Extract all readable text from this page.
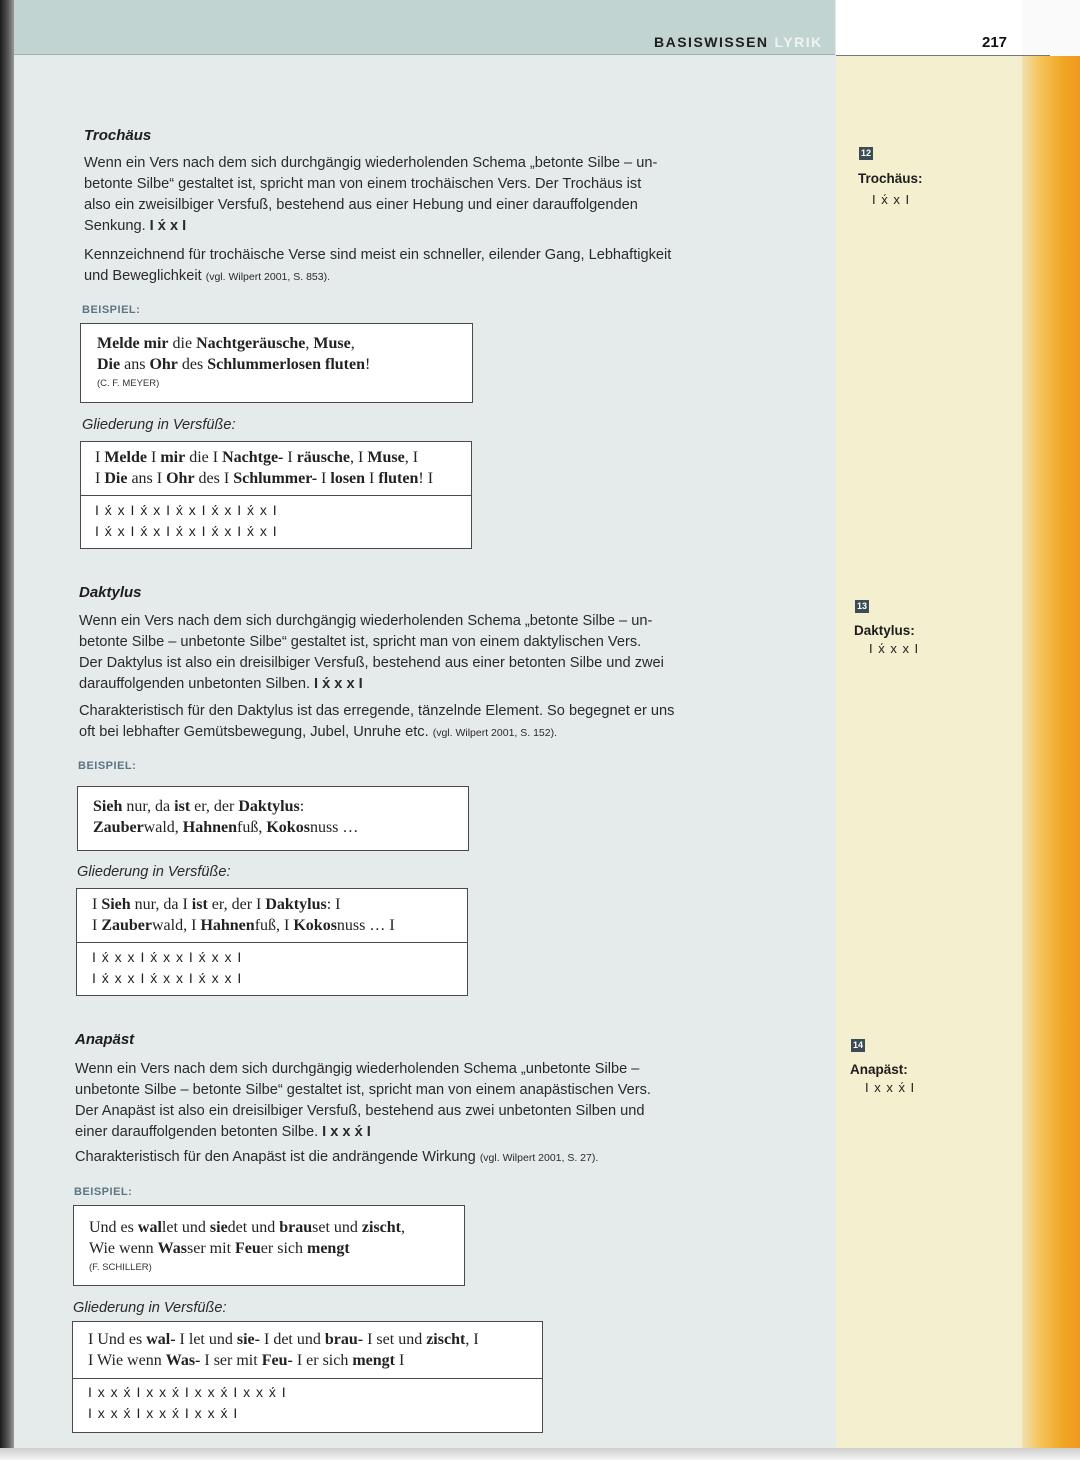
BASISWISSEN LYRIK	217
Trochäus
Wenn ein Vers nach dem sich durchgängig wiederholenden Schema „betonte Silbe – un-
betonte Silbe“ gestaltet ist, spricht man von einem trochäischen Vers. Der Trochäus ist
also ein zweisilbiger Versfuß, bestehend aus einer Hebung und einer darauffolgenden
Senkung. I x́ x I
Kennzeichnend für trochäische Verse sind meist ein schneller, eilender Gang, Lebhaftigkeit
und Beweglichkeit (vgl. Wilpert 2001, S. 853).
BEISPIEL:
Melde mir die Nachtgeräusche, Muse,
Die ans Ohr des Schlummerlosen fluten!
(C. F. MEYER)
Gliederung in Versfüße:
I Melde I mir die I Nachtge- I räusche, I Muse, I
I Die ans I Ohr des I Schlummer- I losen I fluten! I
I x́ x I x́ x I x́ x I x́ x I x́ x I
I x́ x I x́ x I x́ x I x́ x I x́ x I
12
Trochäus:
I x́ x I
Daktylus
Wenn ein Vers nach dem sich durchgängig wiederholenden Schema „betonte Silbe – un-
betonte Silbe – unbetonte Silbe“ gestaltet ist, spricht man von einem daktylischen Vers.
Der Daktylus ist also ein dreisilbiger Versfuß, bestehend aus einer betonten Silbe und zwei
darauffolgenden unbetonten Silben. I x́ x x I
Charakteristisch für den Daktylus ist das erregende, tänzelnde Element. So begegnet er uns
oft bei lebhafter Gemütsbewegung, Jubel, Unruhe etc. (vgl. Wilpert 2001, S. 152).
BEISPIEL:
Sieh nur, da ist er, der Daktylus:
Zauberwald, Hahnenfuß, Kokosnuss …
Gliederung in Versfüße:
I Sieh nur, da I ist er, der I Daktylus: I
I Zauberwald, I Hahnenfuß, I Kokosnuss … I
I x́ x x I x́ x x I x́ x x I
I x́ x x I x́ x x I x́ x x I
13
Daktylus:
I x́ x x I
Anapäst
Wenn ein Vers nach dem sich durchgängig wiederholenden Schema „unbetonte Silbe –
unbetonte Silbe – betonte Silbe“ gestaltet ist, spricht man von einem anapästischen Vers.
Der Anapäst ist also ein dreisilbiger Versfuß, bestehend aus zwei unbetonten Silben und
einer darauffolgenden betonten Silbe. I x x x́ I
Charakteristisch für den Anapäst ist die andrängende Wirkung (vgl. Wilpert 2001, S. 27).
BEISPIEL:
Und es wallet und siedet und brauset und zischt,
Wie wenn Wasser mit Feuer sich mengt
(F. SCHILLER)
Gliederung in Versfüße:
I Und es wal- I let und sie- I det und brau- I set und zischt, I
I Wie wenn Was- I ser mit Feu- I er sich mengt I
I x x x́ I x x x́ I x x x́ I x x x́ I
I x x x́ I x x x́ I x x x́ I
14
Anapäst:
I x x x́ I
